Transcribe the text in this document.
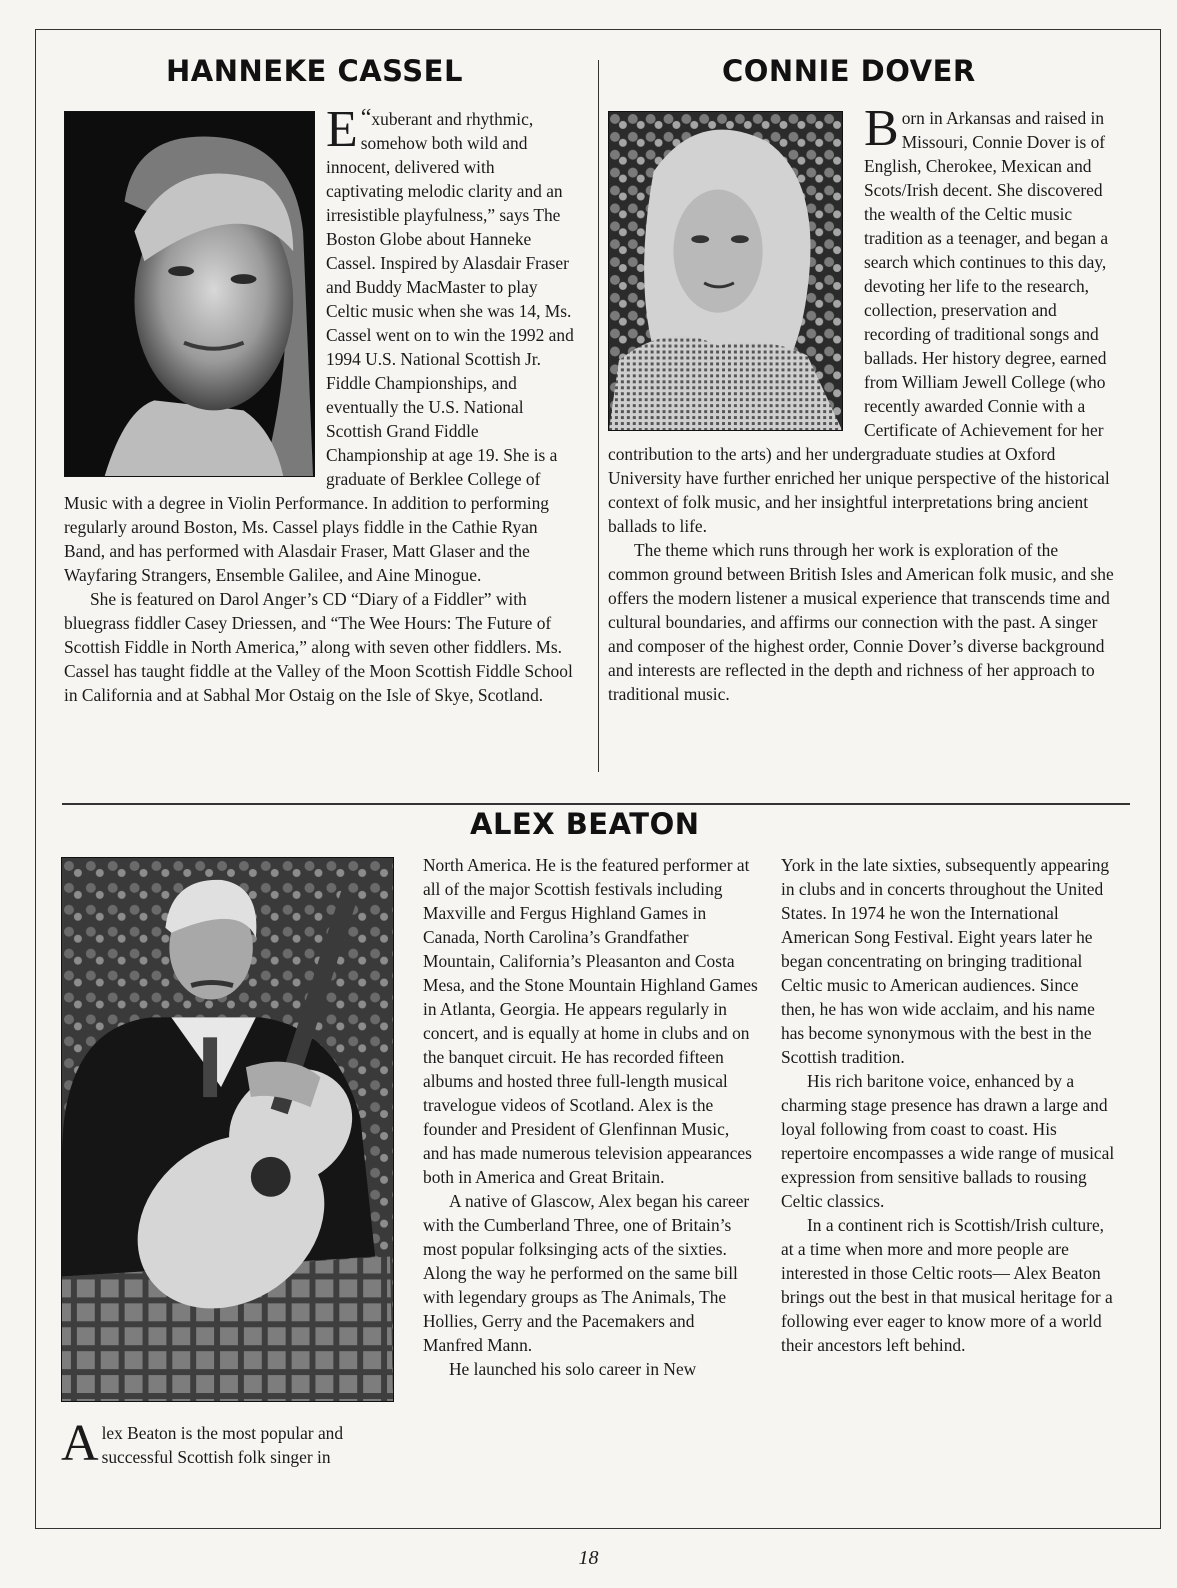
HANNEKE CASSEL

“
E xuberant and rhythmic, somehow both wild and innocent, delivered with captivating melodic clarity and an irresistible playfulness,” says The Boston Globe about Hanneke Cassel. Inspired by Alasdair Fraser and Buddy MacMaster to play Celtic music when she was 14, Ms. Cassel went on to win the 1992 and 1994 U.S. National Scottish Jr. Fiddle Championships, and eventually the U.S. National Scottish Grand Fiddle Championship at age 19. She is a graduate of Berklee College of Music with a degree in Violin Performance. In addition to performing regularly around Boston, Ms. Cassel plays fiddle in the Cathie Ryan Band, and has performed with Alasdair Fraser, Matt Glaser and the Wayfaring Strangers, Ensemble Galilee, and Aine Minogue.

She is featured on Darol Anger’s CD “Diary of a Fiddler” with bluegrass fiddler Casey Driessen, and “The Wee Hours: The Future of Scottish Fiddle in North America,” along with seven other fiddlers. Ms. Cassel has taught fiddle at the Valley of the Moon Scottish Fiddle School in California and at Sabhal Mor Ostaig on the Isle of Skye, Scotland.

CONNIE DOVER

Born in Arkansas and raised in Missouri, Connie Dover is of English, Cherokee, Mexican and Scots/Irish decent. She discovered the wealth of the Celtic music tradition as a teenager, and began a search which continues to this day, devoting her life to the research, collection, preservation and recording of traditional songs and ballads. Her history degree, earned from William Jewell College (who recently awarded Connie with a Certificate of Achievement for her contribution to the arts) and her undergraduate studies at Oxford University have further enriched her unique perspective of the historical context of folk music, and her insightful interpretations bring ancient ballads to life.

The theme which runs through her work is exploration of the common ground between British Isles and American folk music, and she offers the modern listener a musical experience that transcends time and cultural boundaries, and affirms our connection with the past. A singer and composer of the highest order, Connie Dover’s diverse background and interests are reflected in the depth and richness of her approach to traditional music.

ALEX BEATON

Alex Beaton is the most popular and successful Scottish folk singer in

North America. He is the featured performer at all of the major Scottish festivals including Maxville and Fergus Highland Games in Canada, North Carolina’s Grandfather Mountain, California’s Pleasanton and Costa Mesa, and the Stone Mountain Highland Games in Atlanta, Georgia. He appears regularly in concert, and is equally at home in clubs and on the banquet circuit. He has recorded fifteen albums and hosted three full-length musical travelogue videos of Scotland. Alex is the founder and President of Glenfinnan Music, and has made numerous television appearances both in America and Great Britain.

A native of Glascow, Alex began his career with the Cumberland Three, one of Britain’s most popular folksinging acts of the sixties. Along the way he performed on the same bill with legendary groups as The Animals, The Hollies, Gerry and the Pacemakers and Manfred Mann.

He launched his solo career in New

York in the late sixties, subsequently appearing in clubs and in concerts throughout the United States. In 1974 he won the International American Song Festival. Eight years later he began concentrating on bringing traditional Celtic music to American audiences. Since then, he has won wide acclaim, and his name has become synonymous with the best in the Scottish tradition.

His rich baritone voice, enhanced by a charming stage presence has drawn a large and loyal following from coast to coast. His repertoire encompasses a wide range of musical expression from sensitive ballads to rousing Celtic classics.

In a continent rich is Scottish/Irish culture, at a time when more and more people are interested in those Celtic roots— Alex Beaton brings out the best in that musical heritage for a following ever eager to know more of a world their ancestors left behind.

18
